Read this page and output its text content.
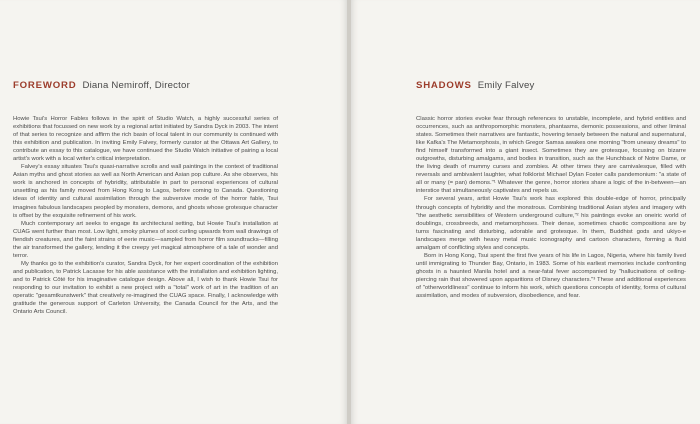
FOREWORD Diana Nemiroff, Director

Howie Tsui's Horror Fables follows in the spirit of Studio Watch, a highly successful series of exhibitions that focussed on new work by a regional artist initiated by Sandra Dyck in 2003. The intent of that series to recognize and affirm the rich basin of local talent in our community is continued with this exhibition and publication. In inviting Emily Falvey, formerly curator at the Ottawa Art Gallery, to contribute an essay to this catalogue, we have continued the Studio Watch initiative of pairing a local artist's work with a local writer's critical interpretation.

Falvey's essay situates Tsui's quasi-narrative scrolls and wall paintings in the context of traditional Asian myths and ghost stories as well as North American and Asian pop culture. As she observes, his work is anchored in concepts of hybridity, attributable in part to personal experiences of cultural unsettling as his family moved from Hong Kong to Lagos, before coming to Canada. Questioning ideas of identity and cultural assimilation through the subversive mode of the horror fable, Tsui imagines fabulous landscapes peopled by monsters, demons, and ghosts whose grotesque character is offset by the exquisite refinement of his work.

Much contemporary art seeks to engage its architectural setting, but Howie Tsui's installation at CUAG went further than most. Low light, smoky plumes of soot curling upwards from wall drawings of fiendish creatures, and the faint strains of eerie music—sampled from horror film soundtracks—filling the air transformed the gallery, lending it the creepy yet magical atmosphere of a tale of wonder and terror.

My thanks go to the exhibition's curator, Sandra Dyck, for her expert coordination of the exhibition and publication, to Patrick Lacasse for his able assistance with the installation and exhibition lighting, and to Patrick Côté for his imaginative catalogue design. Above all, I wish to thank Howie Tsui for responding to our invitation to exhibit a new project with a "total" work of art in the tradition of an operatic "gesamtkunstwerk" that creatively re-imagined the CUAG space. Finally, I acknowledge with gratitude the generous support of Carleton University, the Canada Council for the Arts, and the Ontario Arts Council.

SHADOWS Emily Falvey

Classic horror stories evoke fear through references to unstable, incomplete, and hybrid entities and occurrences, such as anthropomorphic monsters, phantasms, demonic possessions, and other liminal states. Sometimes their narratives are fantastic, hovering tensely between the natural and supernatural, like Kafka's The Metamorphosis, in which Gregor Samsa awakes one morning "from uneasy dreams" to find himself transformed into a giant insect. Sometimes they are grotesque, focusing on bizarre outgrowths, disturbing amalgams, and bodies in transition, such as the Hunchback of Notre Dame, or the living death of mummy curses and zombies. At other times they are carnivalesque, filled with reversals and ambivalent laughter, what folklorist Michael Dylan Foster calls pandemonium: "a state of all or many (= pan) demons."¹ Whatever the genre, horror stories share a logic of the in-between—an interstice that simultaneously captivates and repels us.

For several years, artist Howie Tsui's work has explored this double-edge of horror, principally through concepts of hybridity and the monstrous. Combining traditional Asian styles and imagery with "the aesthetic sensibilities of Western underground culture,"² his paintings evoke an oneiric world of doublings, crossbreeds, and metamorphoses. Their dense, sometimes chaotic compositions are by turns fascinating and disturbing, adorable and grotesque. In them, Buddhist gods and ukiyo-e landscapes merge with heavy metal music iconography and cartoon characters, forming a fluid amalgam of conflicting styles and concepts.

Born in Hong Kong, Tsui spent the first five years of his life in Lagos, Nigeria, where his family lived until immigrating to Thunder Bay, Ontario, in 1983. Some of his earliest memories include confronting ghosts in a haunted Manila hotel and a near-fatal fever accompanied by "hallucinations of ceiling-piercing rain that showered upon apparitions of Disney characters."³ These and additional experiences of "otherworldliness" continue to inform his work, which questions concepts of identity, forms of cultural assimilation, and modes of subversion, disobedience, and fear.
